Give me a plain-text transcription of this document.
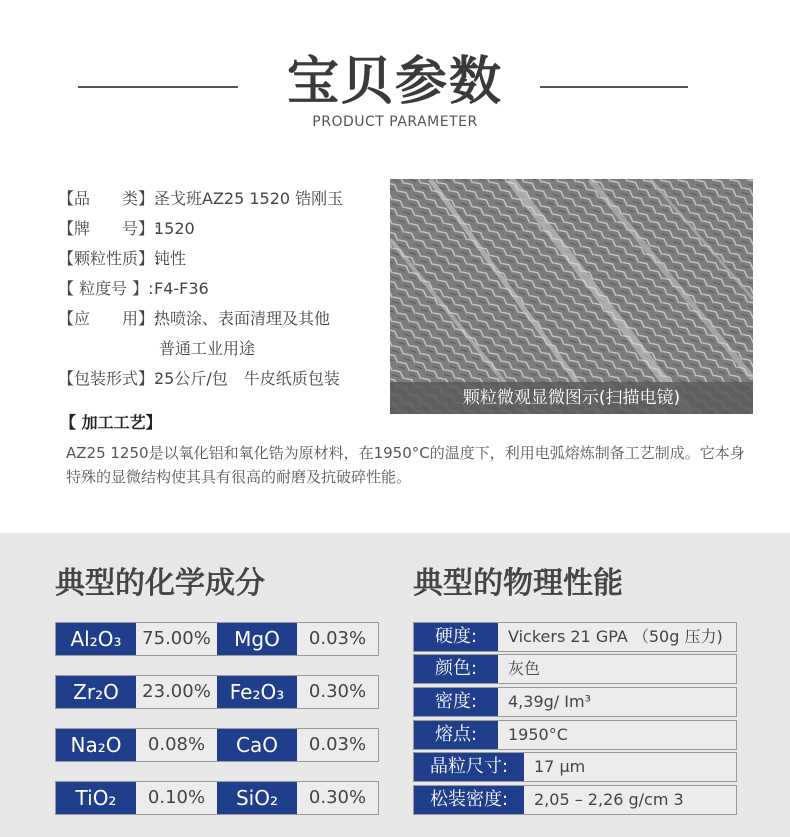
宝贝参数
PRODUCT PARAMETER
【品　　类】:
圣戈班AZ25 1520 锆刚玉
【牌　　号】:
1520
【颗粒性质】:
钝性
【 粒度号 】: F4-F36
【应　　用】:
热喷涂、表面清理及其他
普通工业用途
【包装形式】:
25公斤/包　牛皮纸质包装
颗粒微观显微图示(扫描电镜)
【 加工工艺】
AZ25 1250是以氧化铝和氧化锆为原材料，在1950°C的温度下，利用电弧熔炼制备工艺制成。它本身特殊的显微结构使其具有很高的耐磨及抗破碎性能。
典型的化学成分	典型的物理性能
Al₂O₃	75.00%	MgO	0.03%
Zr₂O	23.00% Fe₂O₃	0.30%
Na₂O	0.08%	CaO	0.03%
TiO₂	0.10%	SiO₂	0.30%
硬度:	Vickers 21 GPA （50g 压力)
颜色:	灰色
密度:	4,39g/ Im³
熔点:	1950°C
晶粒尺寸:	17 µm
松装密度:	2,05 – 2,26 g/cm 3
